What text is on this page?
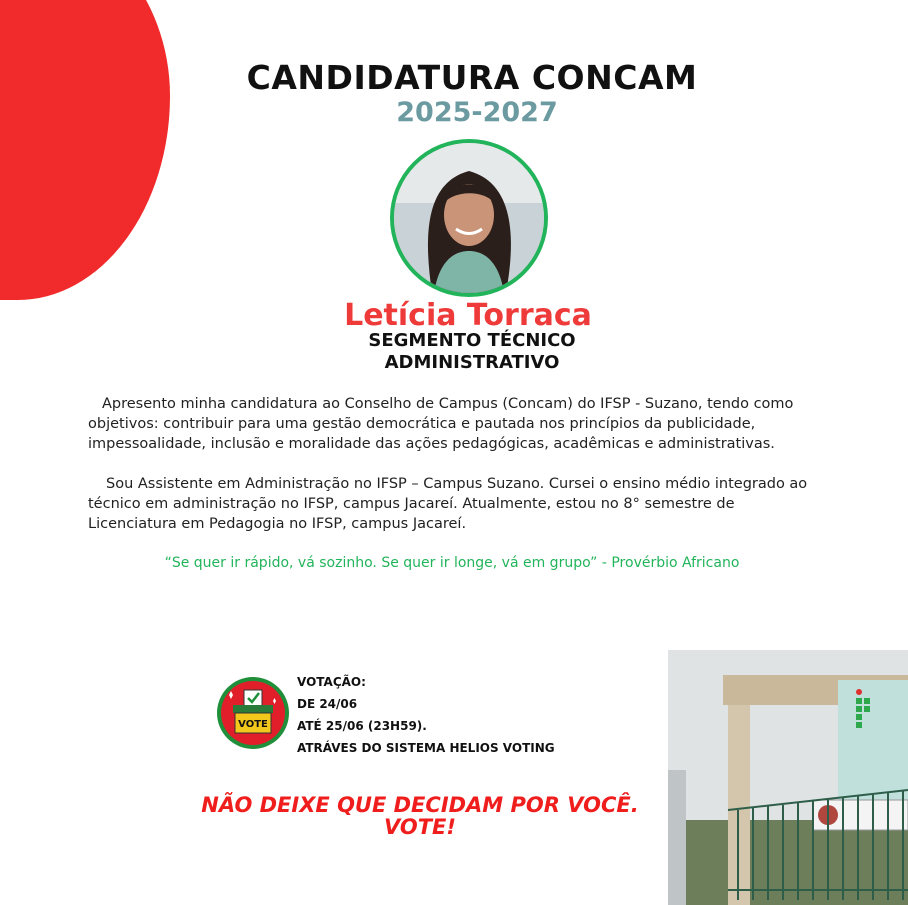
CANDIDATURA CONCAM
2025-2027
Letícia Torraca
SEGMENTO TÉCNICO
ADMINISTRATIVO

Apresento minha candidatura ao Conselho de Campus (Concam) do IFSP - Suzano, tendo como objetivos: contribuir para uma gestão democrática e pautada nos princípios da publicidade, impessoalidade, inclusão e moralidade das ações pedagógicas, acadêmicas e administrativas.

Sou Assistente em Administração no IFSP – Campus Suzano. Cursei o ensino médio integrado ao técnico em administração no IFSP, campus Jacareí. Atualmente, estou no 8° semestre de Licenciatura em Pedagogia no IFSP, campus Jacareí.

“Se quer ir rápido, vá sozinho. Se quer ir longe, vá em grupo” - Provérbio Africano

VOTE
VOTAÇÃO:
DE 24/06
ATÉ 25/06 (23H59).
ATRÁVES DO SISTEMA HELIOS VOTING
NÃO DEIXE QUE DECIDAM POR VOCÊ.
VOTE!
